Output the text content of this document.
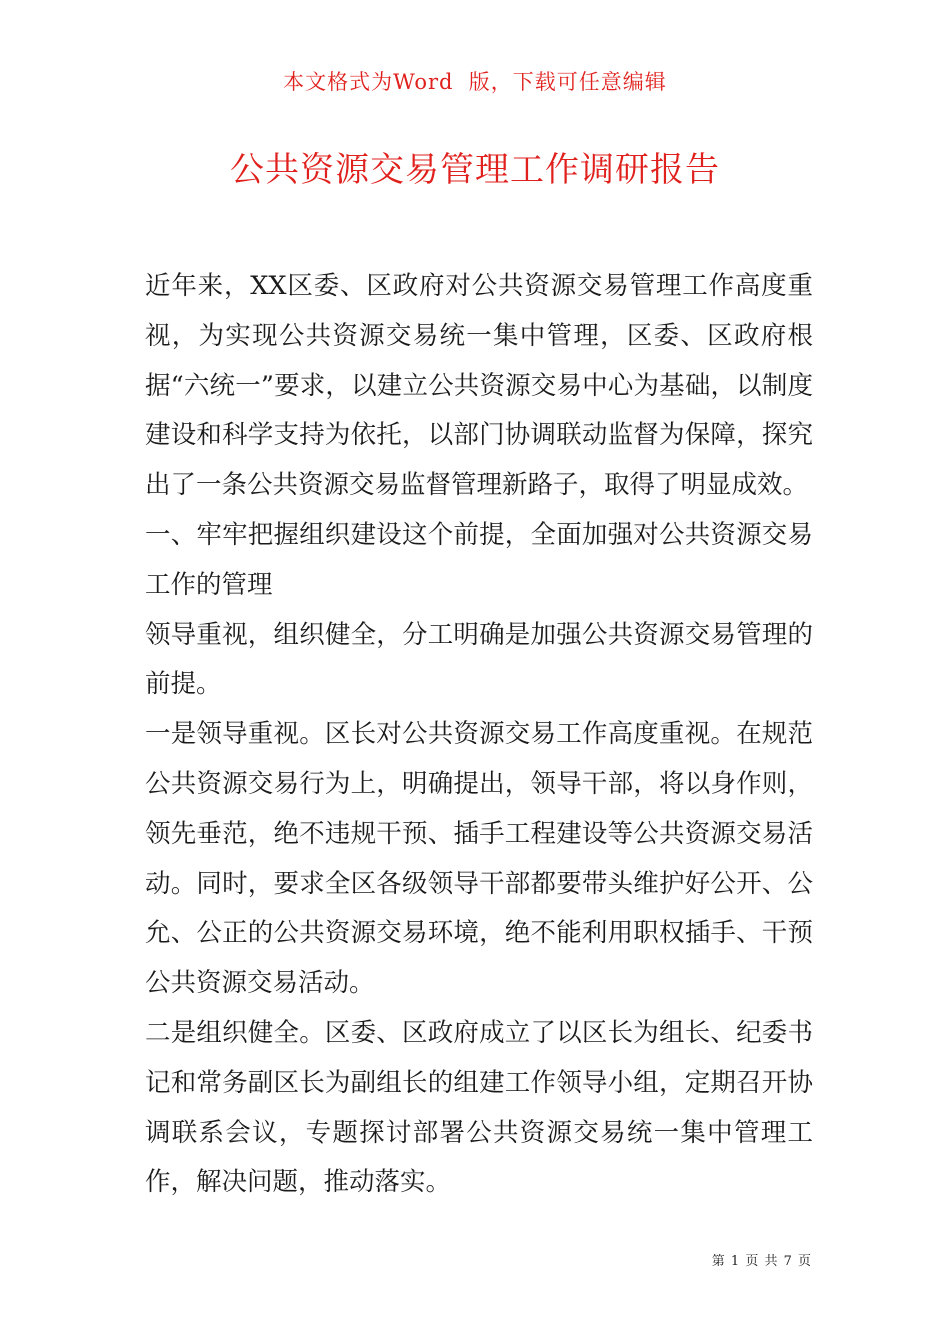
本文格式为Word  版，下载可任意编辑
公共资源交易管理工作调研报告

近年来，XX区委、区政府对公共资源交易管理工作高度重视，为实现公共资源交易统一集中管理，区委、区政府根据“六统一”要求，以建立公共资源交易中心为基础，以制度建设和科学支持为依托，以部门协调联动监督为保障，探究出了一条公共资源交易监督管理新路子，取得了明显成效。

一、牢牢把握组织建设这个前提，全面加强对公共资源交易工作的管理

领导重视，组织健全，分工明确是加强公共资源交易管理的前提。

一是领导重视。区长对公共资源交易工作高度重视。在规范公共资源交易行为上，明确提出，领导干部，将以身作则，领先垂范，绝不违规干预、插手工程建设等公共资源交易活动。同时，要求全区各级领导干部都要带头维护好公开、公允、公正的公共资源交易环境，绝不能利用职权插手、干预公共资源交易活动。

二是组织健全。区委、区政府成立了以区长为组长、纪委书记和常务副区长为副组长的组建工作领导小组，定期召开协调联系会议，专题探讨部署公共资源交易统一集中管理工作，解决问题，推动落实。

第 1 页 共 7 页
